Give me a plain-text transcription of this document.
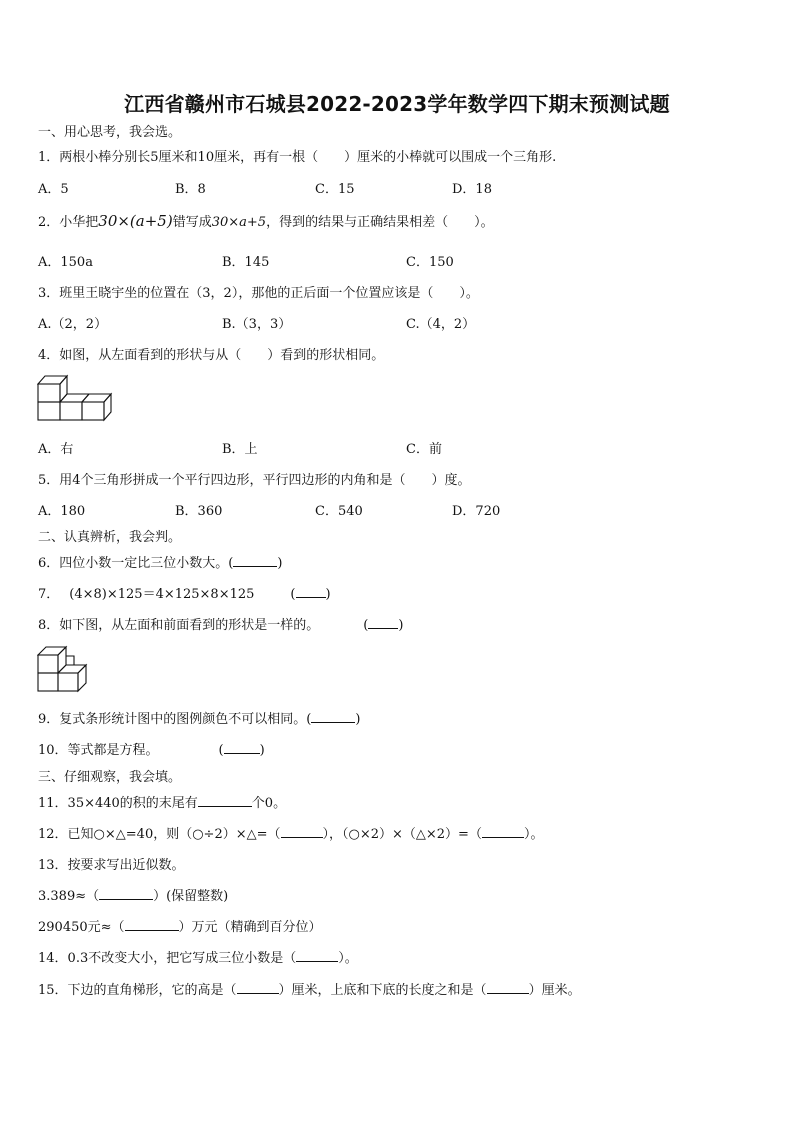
江西省赣州市石城县2022-2023学年数学四下期末预测试题
一、用心思考，我会选。
1．两根小棒分别长5厘米和10厘米，再有一根（　　）厘米的小棒就可以围成一个三角形.
A．5	B．8	C．15	D．18
2．小华把30×(a+5)错写成30×a+5，得到的结果与正确结果相差（　　）。
A．150a	B．145	C．150
3．班里王晓宇坐的位置在（3，2），那他的正后面一个位置应该是（　　）。
A.（2，2）	B.（3，3）	C.（4，2）
4．如图，从左面看到的形状与从（　　）看到的形状相同。
A．右	B．上	C．前
5．用4个三角形拼成一个平行四边形，平行四边形的内角和是（　　）度。
A．180	B．360	C．540	D．720
二、认真辨析，我会判。
6．四位小数一定比三位小数大。(	)
7． (4×8)×125＝4×125×8×125	( )
8．如下图，从左面和前面看到的形状是一样的。	( )
9．复式条形统计图中的图例颜色不可以相同。(	)
10．等式都是方程。	(	)
三、仔细观察，我会填。
11．35×440的积的末尾有	个0。
12．已知○×△=40，则（○÷2）×△=（	），（○×2）×（△×2）=（	）。
13．按要求写出近似数。
3.389≈（	）(保留整数)
290450元≈（	）万元（精确到百分位）
14．0.3不改变大小，把它写成三位小数是（	）。
15．下边的直角梯形，它的高是（	）厘米，上底和下底的长度之和是（	）厘米。
